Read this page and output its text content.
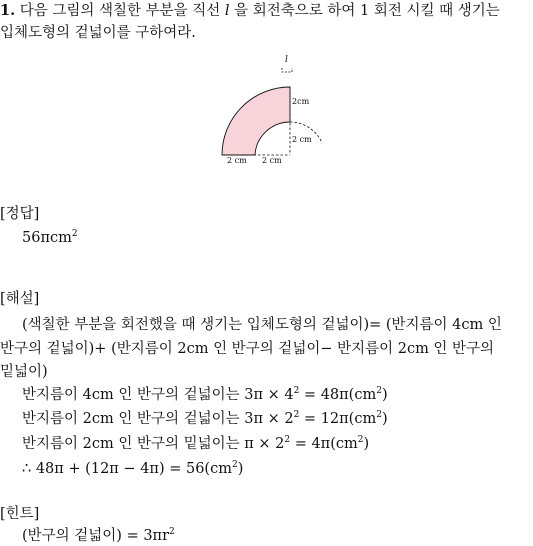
1. 다음 그림의 색칠한 부분을 직선 l 을 회전축으로 하여 1 회전 시킬 때 생기는
입체도형의 겉넓이를 구하여라.
l
2cm
2 cm
2 cm 2 cm
[정답]
56πcm$^2$
[해설]
(색칠한 부분을 회전했을 때 생기는 입체도형의 겉넓이)= (반지름이 4cm 인
반구의 겉넓이)+ (반지름이 2cm 인 반구의 겉넓이− 반지름이 2cm 인 반구의
밑넓이)
반지름이 4cm 인 반구의 겉넓이는 $3\pi \times 4^2 = 48\pi(cm^2)$
반지름이 2cm 인 반구의 겉넓이는 $3\pi \times 2^2 = 12\pi(cm^2)$
반지름이 2cm 인 반구의 밑넓이는 $\pi \times 2^2 = 4\pi(cm^2)$
∴ $48\pi + (12\pi - 4\pi) = 56(cm^2)$
[힌트]
(반구의 겉넓이) = $3\pi r^2$
